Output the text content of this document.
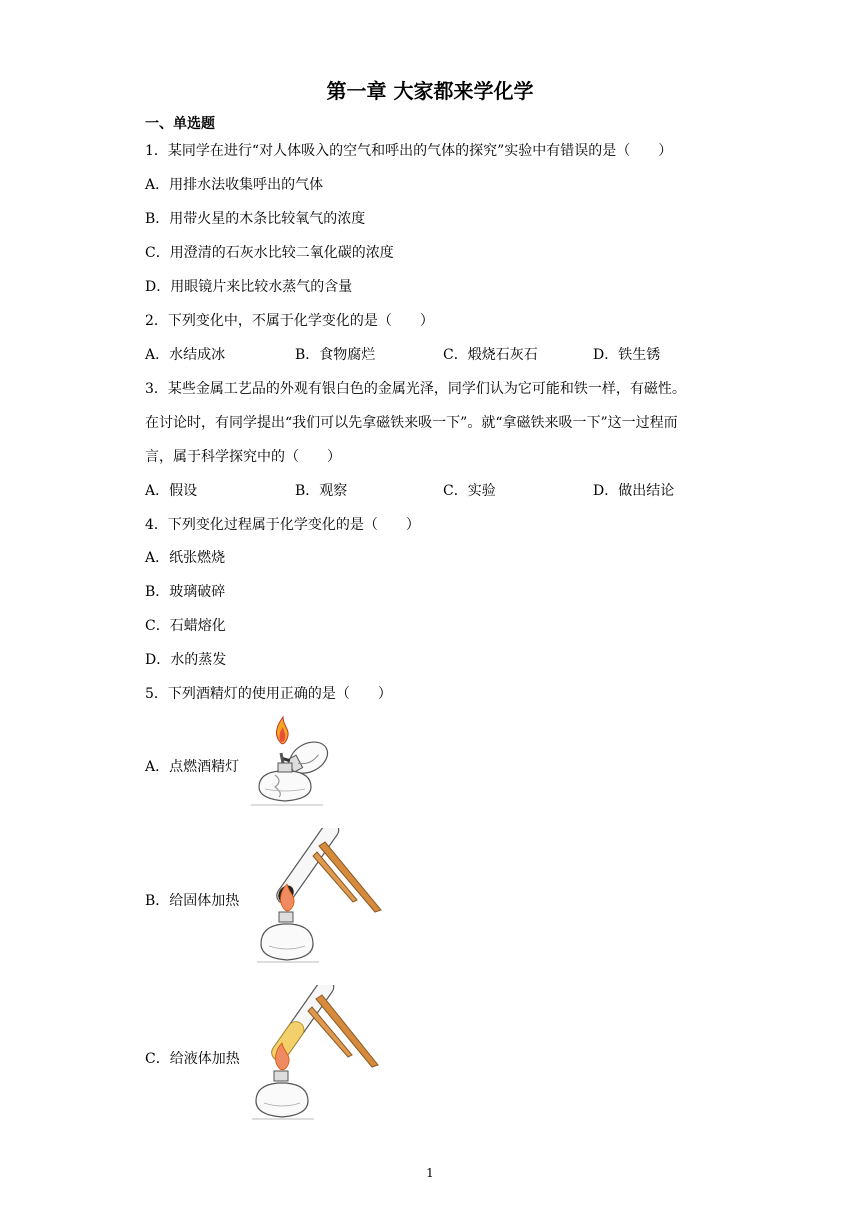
第一章 大家都来学化学
一、单选题
1．某同学在进行“对人体吸入的空气和呼出的气体的探究”实验中有错误的是（　　）
A．用排水法收集呼出的气体
B．用带火星的木条比较氧气的浓度
C．用澄清的石灰水比较二氧化碳的浓度
D．用眼镜片来比较水蒸气的含量
2．下列变化中，不属于化学变化的是（　　）
A．水结成冰	B．食物腐烂	C．煅烧石灰石	D．铁生锈
3．某些金属工艺品的外观有银白色的金属光泽，同学们认为它可能和铁一样，有磁性。
在讨论时，有同学提出“我们可以先拿磁铁来吸一下”。就“拿磁铁来吸一下”这一过程而
言，属于科学探究中的（　　）
A．假设	B．观察	C．实验	D．做出结论
4．下列变化过程属于化学变化的是（　　）
A．纸张燃烧
B．玻璃破碎
C．石蜡熔化
D．水的蒸发
5．下列酒精灯的使用正确的是（　　）
A．点燃酒精灯
B．给固体加热
C．给液体加热
1
